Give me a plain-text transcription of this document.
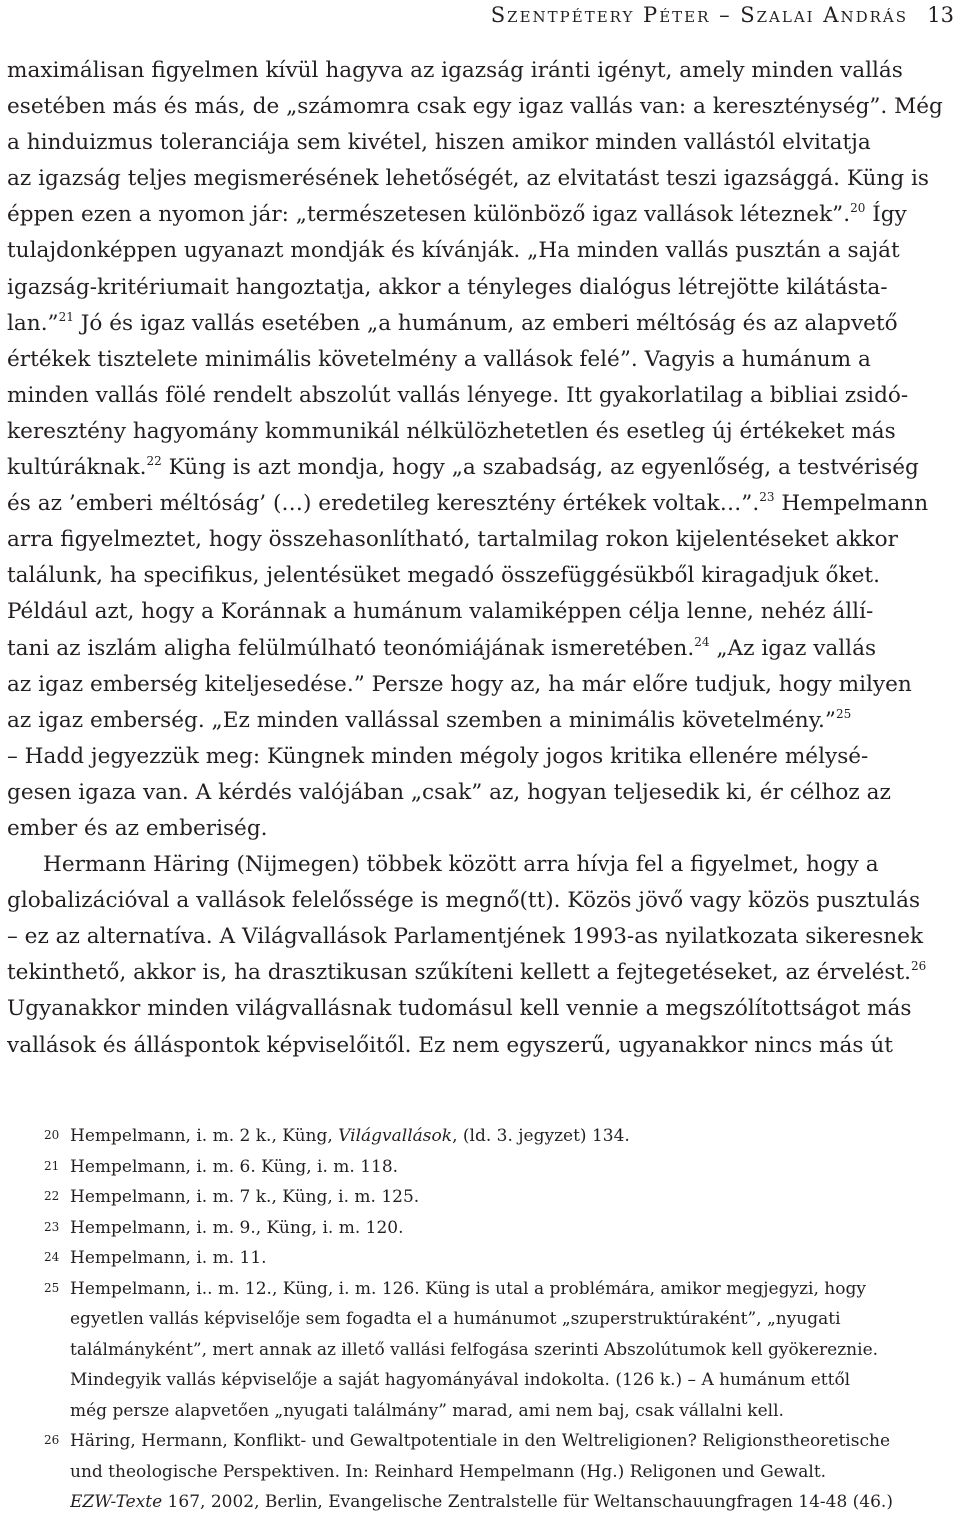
Szentpétery Péter – Szalai András 13
maximálisan figyelmen kívül hagyva az igazság iránti igényt, amely minden vallás
esetében más és más, de „számomra csak egy igaz vallás van: a kereszténység”. Még
a hinduizmus toleranciája sem kivétel, hiszen amikor minden vallástól elvitatja
az igazság teljes megismerésének lehetőségét, az elvitatást teszi igazsággá. Küng is
éppen ezen a nyomon jár: „természetesen különböző igaz vallások léteznek”.$^{20}$ Így
tulajdonképpen ugyanazt mondják és kívánják. „Ha minden vallás pusztán a saját
igazság-kritériumait hangoztatja, akkor a tényleges dialógus létrejötte kilátásta-
lan.”$^{21}$ Jó és igaz vallás esetében „a humánum, az emberi méltóság és az alapvető
értékek tisztelete minimális követelmény a vallások felé”. Vagyis a humánum a
minden vallás fölé rendelt abszolút vallás lényege. Itt gyakorlatilag a bibliai zsidó-
keresztény hagyomány kommunikál nélkülözhetetlen és esetleg új értékeket más
kultúráknak.$^{22}$ Küng is azt mondja, hogy „a szabadság, az egyenlőség, a testvériség
és az ’emberi méltóság’ (…) eredetileg keresztény értékek voltak…”.$^{23}$ Hempelmann
arra figyelmeztet, hogy összehasonlítható, tartalmilag rokon kijelentéseket akkor
találunk, ha specifikus, jelentésüket megadó összefüggésükből kiragadjuk őket.
Például azt, hogy a Koránnak a humánum valamiképpen célja lenne, nehéz állí-
tani az iszlám aligha felülmúlható teonómiájának ismeretében.$^{24}$ „Az igaz vallás
az igaz emberség kiteljesedése.” Persze hogy az, ha már előre tudjuk, hogy milyen
az igaz emberség. „Ez minden vallással szemben a minimális követelmény.”$^{25}$
– Hadd jegyezzük meg: Küngnek minden mégoly jogos kritika ellenére mélysé-
gesen igaza van. A kérdés valójában „csak” az, hogyan teljesedik ki, ér célhoz az
ember és az emberiség.
Hermann Häring (Nijmegen) többek között arra hívja fel a figyelmet, hogy a
globalizációval a vallások felelőssége is megnő(tt). Közös jövő vagy közös pusztulás
– ez az alternatíva. A Világvallások Parlamentjének 1993-as nyilatkozata sikeresnek
tekinthető, akkor is, ha drasztikusan szűkíteni kellett a fejtegetéseket, az érvelést.$^{26}$
Ugyanakkor minden világvallásnak tudomásul kell vennie a megszólítottságot más
vallások és álláspontok képviselőitől. Ez nem egyszerű, ugyanakkor nincs más út
20 Hempelmann, i. m. 2 k., Küng, Világvallások, (ld. 3. jegyzet) 134.
21 Hempelmann, i. m. 6. Küng, i. m. 118.
22 Hempelmann, i. m. 7 k., Küng, i. m. 125.
23 Hempelmann, i. m. 9., Küng, i. m. 120.
24 Hempelmann, i. m. 11.
25 Hempelmann, i.. m. 12., Küng, i. m. 126. Küng is utal a problémára, amikor megjegyzi, hogy
egyetlen vallás képviselője sem fogadta el a humánumot „szuperstruktúraként”, „nyugati
találmányként”, mert annak az illető vallási felfogása szerinti Abszolútumok kell gyökereznie.
Mindegyik vallás képviselője a saját hagyományával indokolta. (126 k.) – A humánum ettől
még persze alapvetően „nyugati találmány” marad, ami nem baj, csak vállalni kell.
26 Häring, Hermann, Konflikt- und Gewaltpotentiale in den Weltreligionen? Religionstheoretische
und theologische Perspektiven. In: Reinhard Hempelmann (Hg.) Religonen und Gewalt.
EZW-Texte 167, 2002, Berlin, Evangelische Zentralstelle für Weltanschauungfragen 14-48 (46.)
